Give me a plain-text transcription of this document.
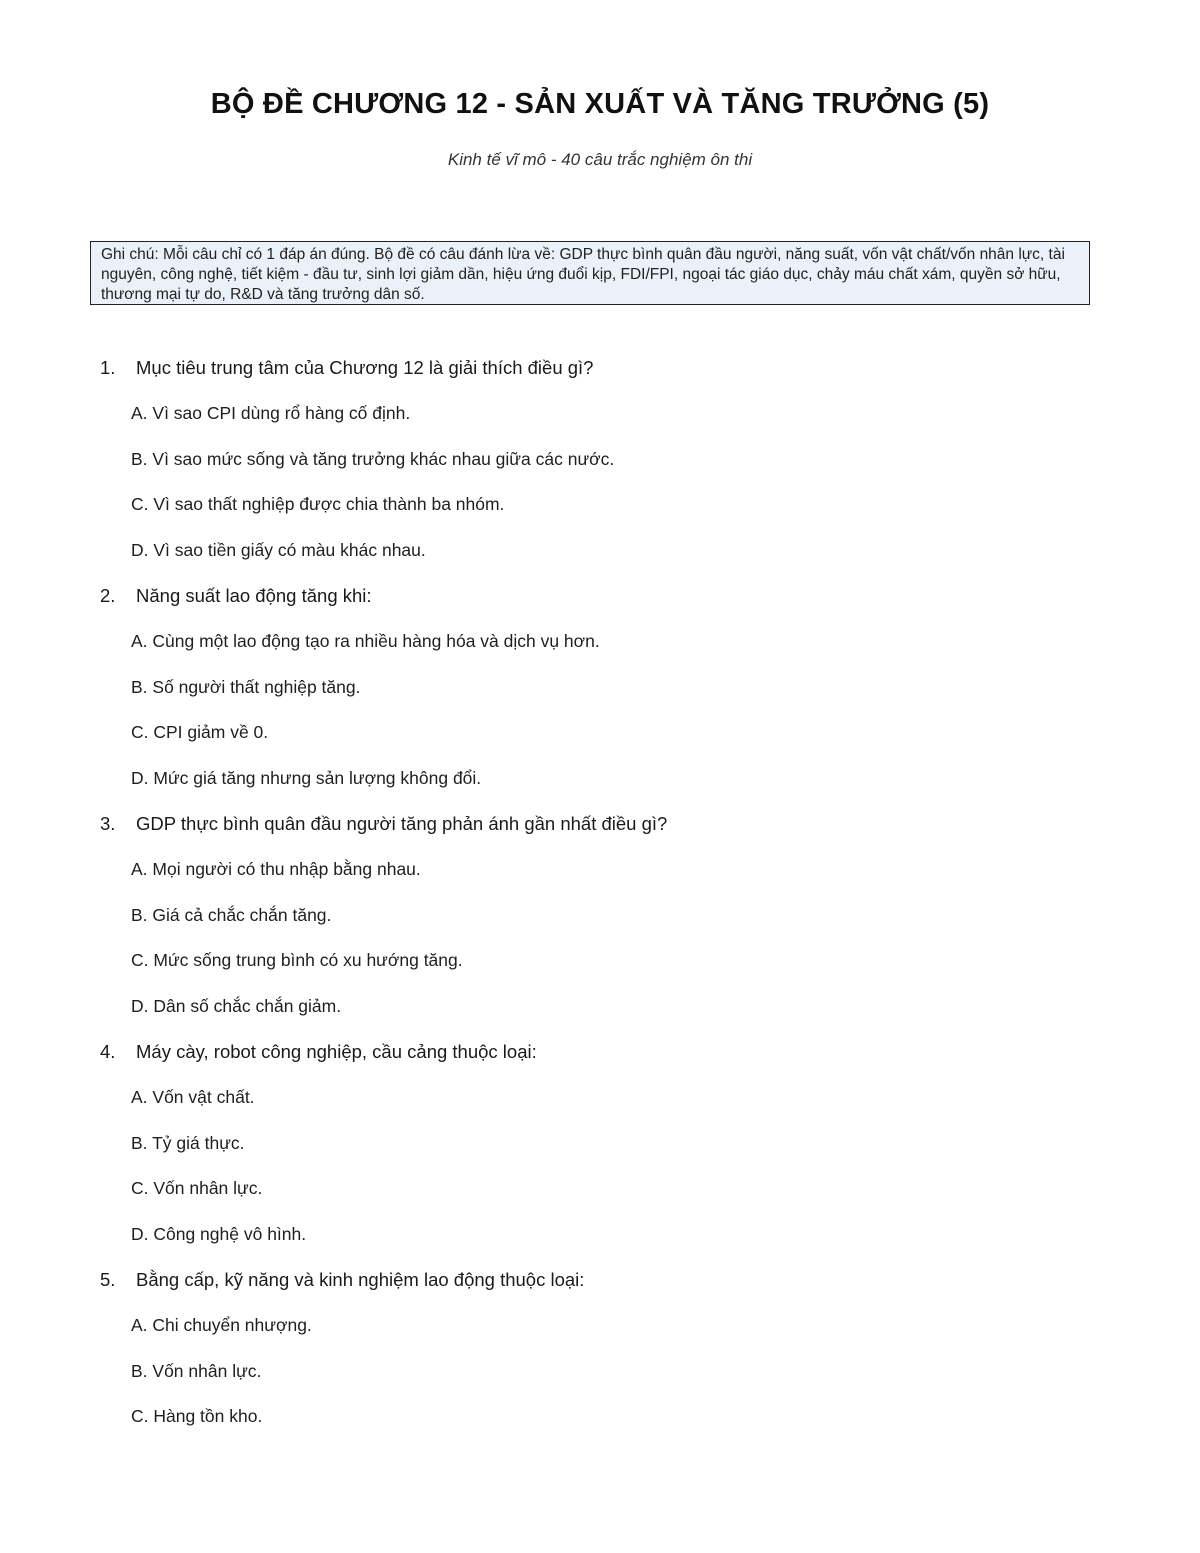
BỘ ĐỀ CHƯƠNG 12 - SẢN XUẤT VÀ TĂNG TRƯỞNG (5)
Kinh tế vĩ mô - 40 câu trắc nghiệm ôn thi
Ghi chú: Mỗi câu chỉ có 1 đáp án đúng. Bộ đề có câu đánh lừa về: GDP thực bình quân đầu người, năng suất, vốn vật chất/vốn nhân lực, tài nguyên, công nghệ, tiết kiệm - đầu tư, sinh lợi giảm dần, hiệu ứng đuổi kịp, FDI/FPI, ngoại tác giáo dục, chảy máu chất xám, quyền sở hữu, thương mại tự do, R&D và tăng trưởng dân số.
1.	Mục tiêu trung tâm của Chương 12 là giải thích điều gì?
A. Vì sao CPI dùng rổ hàng cố định.
B. Vì sao mức sống và tăng trưởng khác nhau giữa các nước.
C. Vì sao thất nghiệp được chia thành ba nhóm.
D. Vì sao tiền giấy có màu khác nhau.
2.	Năng suất lao động tăng khi:
A. Cùng một lao động tạo ra nhiều hàng hóa và dịch vụ hơn.
B. Số người thất nghiệp tăng.
C. CPI giảm về 0.
D. Mức giá tăng nhưng sản lượng không đổi.
3.	GDP thực bình quân đầu người tăng phản ánh gần nhất điều gì?
A. Mọi người có thu nhập bằng nhau.
B. Giá cả chắc chắn tăng.
C. Mức sống trung bình có xu hướng tăng.
D. Dân số chắc chắn giảm.
4.	Máy cày, robot công nghiệp, cầu cảng thuộc loại:
A. Vốn vật chất.
B. Tỷ giá thực.
C. Vốn nhân lực.
D. Công nghệ vô hình.
5.	Bằng cấp, kỹ năng và kinh nghiệm lao động thuộc loại:
A. Chi chuyển nhượng.
B. Vốn nhân lực.
C. Hàng tồn kho.
